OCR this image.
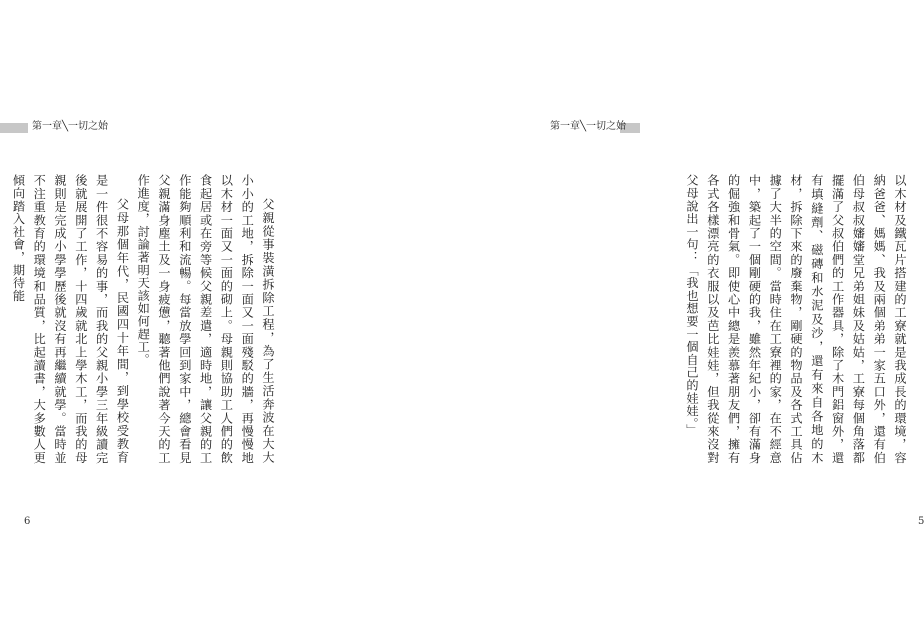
第一章╲一切之始

父親從事裝潢拆除工程，為了生活奔波在大大小小的工地，拆除一面又一面殘駁的牆，再慢慢地以木材一面又一面的砌上。母親則協助工人們的飲食起居或在旁等候父親差遣，適時地，讓父親的工作能夠順利和流暢。每當放學回到家中，總會看見父親滿身塵土及一身疲憊，聽著他們說著今天的工作進度，討論著明天該如何趕工。

父母那個年代，民國四十年間，到學校受教育是一件很不容易的事，而我的父親小學三年級讀完後就展開了工作，十四歲就北上學木工，而我的母親則是完成小學學歷後就沒有再繼續就學。當時並不注重教育的環境和品質，比起讀書，大多數人更傾向踏入社會，期待能

6
第一章╲一切之始

以木材及鐵瓦片搭建的工寮就是我成長的環境，容納爸爸、媽媽、我及兩個弟弟一家五口外，還有伯伯母叔叔嬸嬸堂兄弟姐妹及姑姑，工寮每個角落都擺滿了父叔伯們的工作器具，除了木門鋁窗外，還有填縫劑、磁磚和水泥及沙，還有來自各地的木材，拆除下來的廢棄物，剛硬的物品及各式工具佔據了大半的空間。當時住在工寮裡的家，在不經意中，築起了一個剛硬的我，雖然年紀小，卻有滿身的倔強和骨氣。即使心中總是羨慕著朋友們，擁有各式各樣漂亮的衣服以及芭比娃娃，但我從來沒對父母說出一句：「我也想要一個自己的娃娃。」

5
